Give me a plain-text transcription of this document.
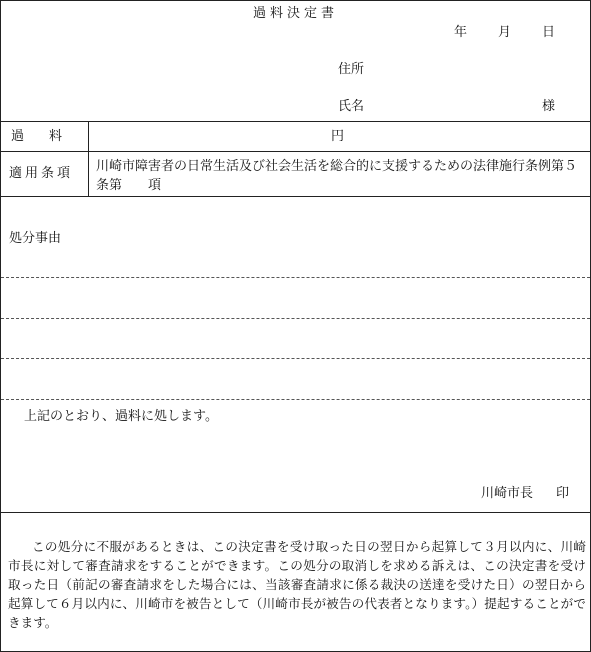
過料決定書
年 月 日
住所
氏名	様
過　料	円
適用条項 川崎市障害者の日常生活及び社会生活を総合的に支援するための法律施行条例第５条第　　項
処分事由
上記のとおり、過料に処します。
川崎市長 印
この処分に不服があるときは、この決定書を受け取った日の翌日から起算して３月以内に、川崎市長に対して審査請求をすることができます。この処分の取消しを求める訴えは、この決定書を受け取った日（前記の審査請求をした場合には、当該審査請求に係る裁決の送達を受けた日）の翌日から起算して６月以内に、川崎市を被告として（川崎市長が被告の代表者となります。）提起することができます。
